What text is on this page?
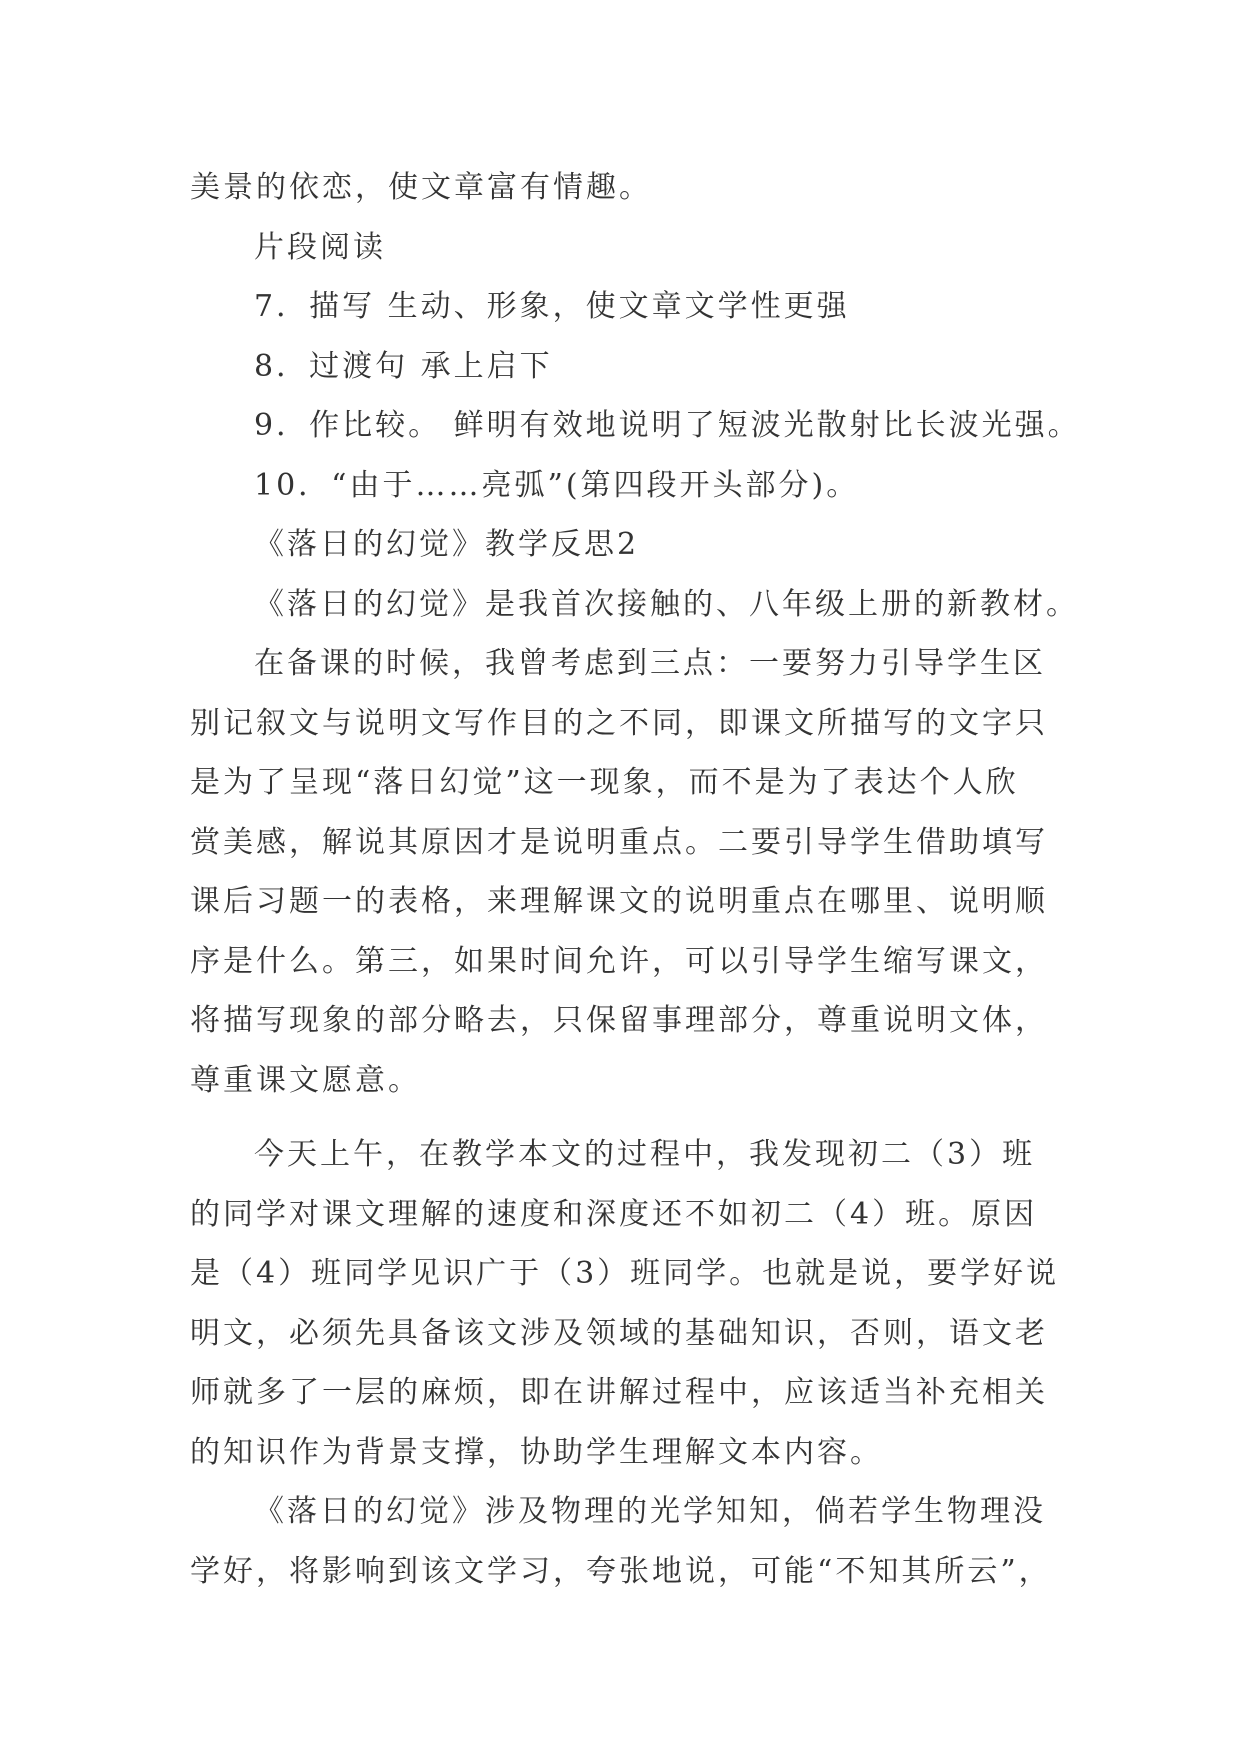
美景的依恋，使文章富有情趣。
片段阅读
7．描写 生动、形象，使文章文学性更强
8．过渡句 承上启下
9．作比较。 鲜明有效地说明了短波光散射比长波光强。
10．“由于……亮弧”(第四段开头部分)。
《落日的幻觉》教学反思2
《落日的幻觉》是我首次接触的、八年级上册的新教材。
在备课的时候，我曾考虑到三点：一要努力引导学生区
别记叙文与说明文写作目的之不同，即课文所描写的文字只
是为了呈现“落日幻觉”这一现象，而不是为了表达个人欣
赏美感，解说其原因才是说明重点。二要引导学生借助填写
课后习题一的表格，来理解课文的说明重点在哪里、说明顺
序是什么。第三，如果时间允许，可以引导学生缩写课文，
将描写现象的部分略去，只保留事理部分，尊重说明文体，
尊重课文愿意。
今天上午，在教学本文的过程中，我发现初二（3）班
的同学对课文理解的速度和深度还不如初二（4）班。原因
是（4）班同学见识广于（3）班同学。也就是说，要学好说
明文，必须先具备该文涉及领域的基础知识，否则，语文老
师就多了一层的麻烦，即在讲解过程中，应该适当补充相关
的知识作为背景支撑，协助学生理解文本内容。
《落日的幻觉》涉及物理的光学知知，倘若学生物理没
学好，将影响到该文学习，夸张地说，可能“不知其所云”，
